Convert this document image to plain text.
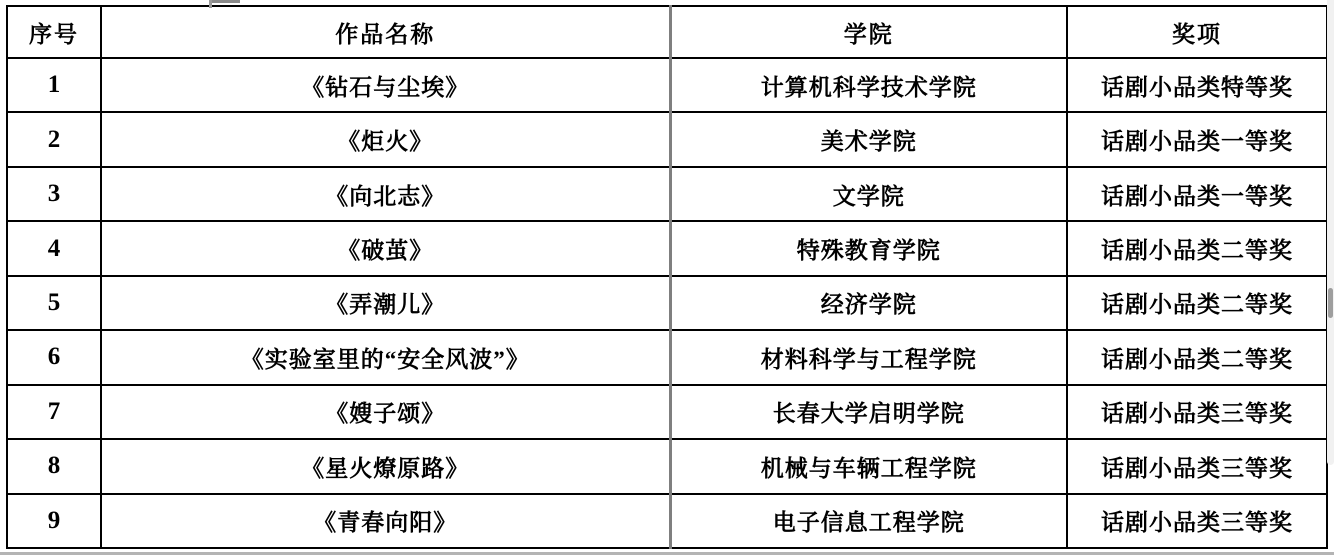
序号	作品名称	学院	奖项
1	《钻石与尘埃》	计算机科学技术学院	话剧小品类特等奖
2	《炬火》	美术学院	话剧小品类一等奖
3	《向北志》	文学院	话剧小品类一等奖
4	《破茧》	特殊教育学院	话剧小品类二等奖
5	《弄潮儿》	经济学院	话剧小品类二等奖
6	《实验室里的“安全风波”》	材料科学与工程学院	话剧小品类二等奖
7	《嫂子颂》	长春大学启明学院	话剧小品类三等奖
8	《星火燎原路》	机械与车辆工程学院	话剧小品类三等奖
9	《青春向阳》	电子信息工程学院	话剧小品类三等奖
